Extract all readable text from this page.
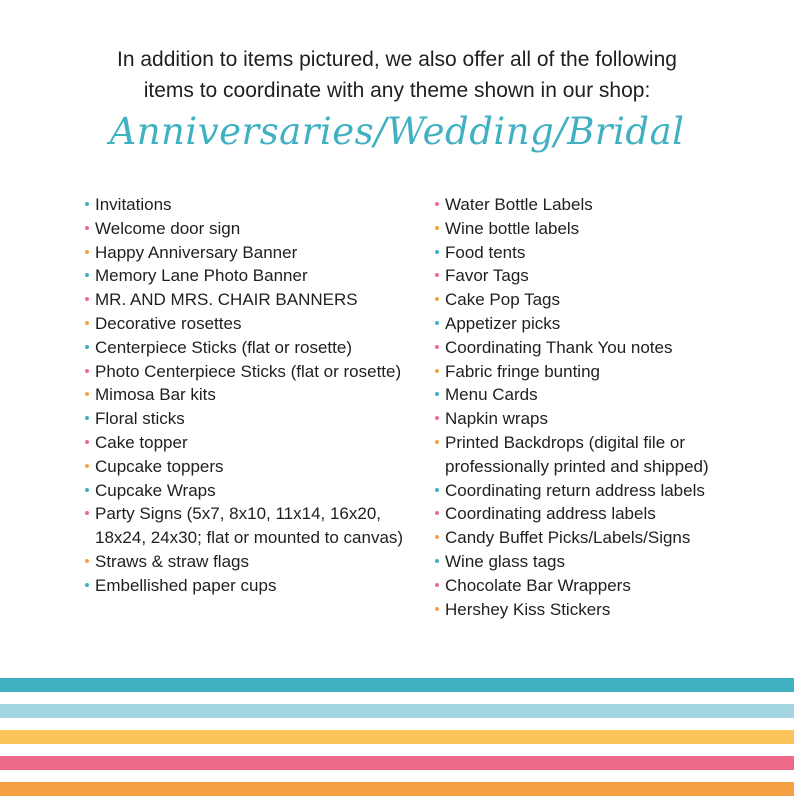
In addition to items pictured, we also offer all of the following
items to coordinate with any theme shown in our shop:
Anniversaries/Wedding/Bridal
Invitations
Welcome door sign
Happy Anniversary Banner
Memory Lane Photo Banner
MR. AND MRS. CHAIR BANNERS
Decorative rosettes
Centerpiece Sticks (flat or rosette)
Photo Centerpiece Sticks (flat or rosette)
Mimosa Bar kits
Floral sticks
Cake topper
Cupcake toppers
Cupcake Wraps
Party Signs (5x7, 8x10, 11x14, 16x20, 18x24, 24x30; flat or mounted to canvas)
Straws & straw flags
Embellished paper cups
Water Bottle Labels
Wine bottle labels
Food tents
Favor Tags
Cake Pop Tags
Appetizer picks
Coordinating Thank You notes
Fabric fringe bunting
Menu Cards
Napkin wraps
Printed Backdrops (digital file or professionally printed and shipped)
Coordinating return address labels
Coordinating address labels
Candy Buffet Picks/Labels/Signs
Wine glass tags
Chocolate Bar Wrappers
Hershey Kiss Stickers
